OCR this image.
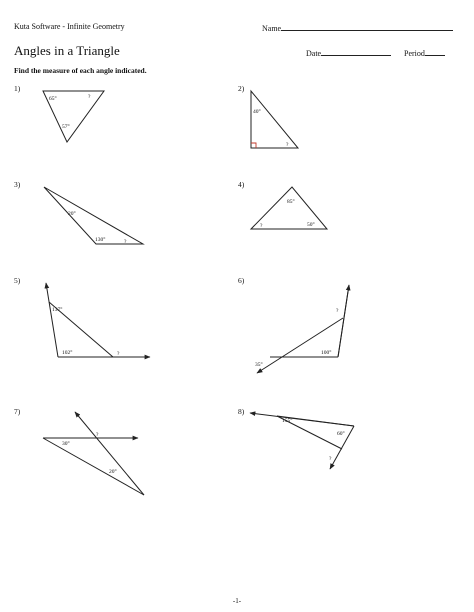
Kuta Software - Infinite Geometry	Name
Angles in a Triangle	Date	Period
Find the measure of each angle indicated.
1)	2)
3)	4)
5)	6)
7)	8)
65°	?
57°
40°
?
20°
130°	?
85°
?	50°
137°
102°	?
?
35°
100°
?
30°
20°
155°
60°
?
-1-
